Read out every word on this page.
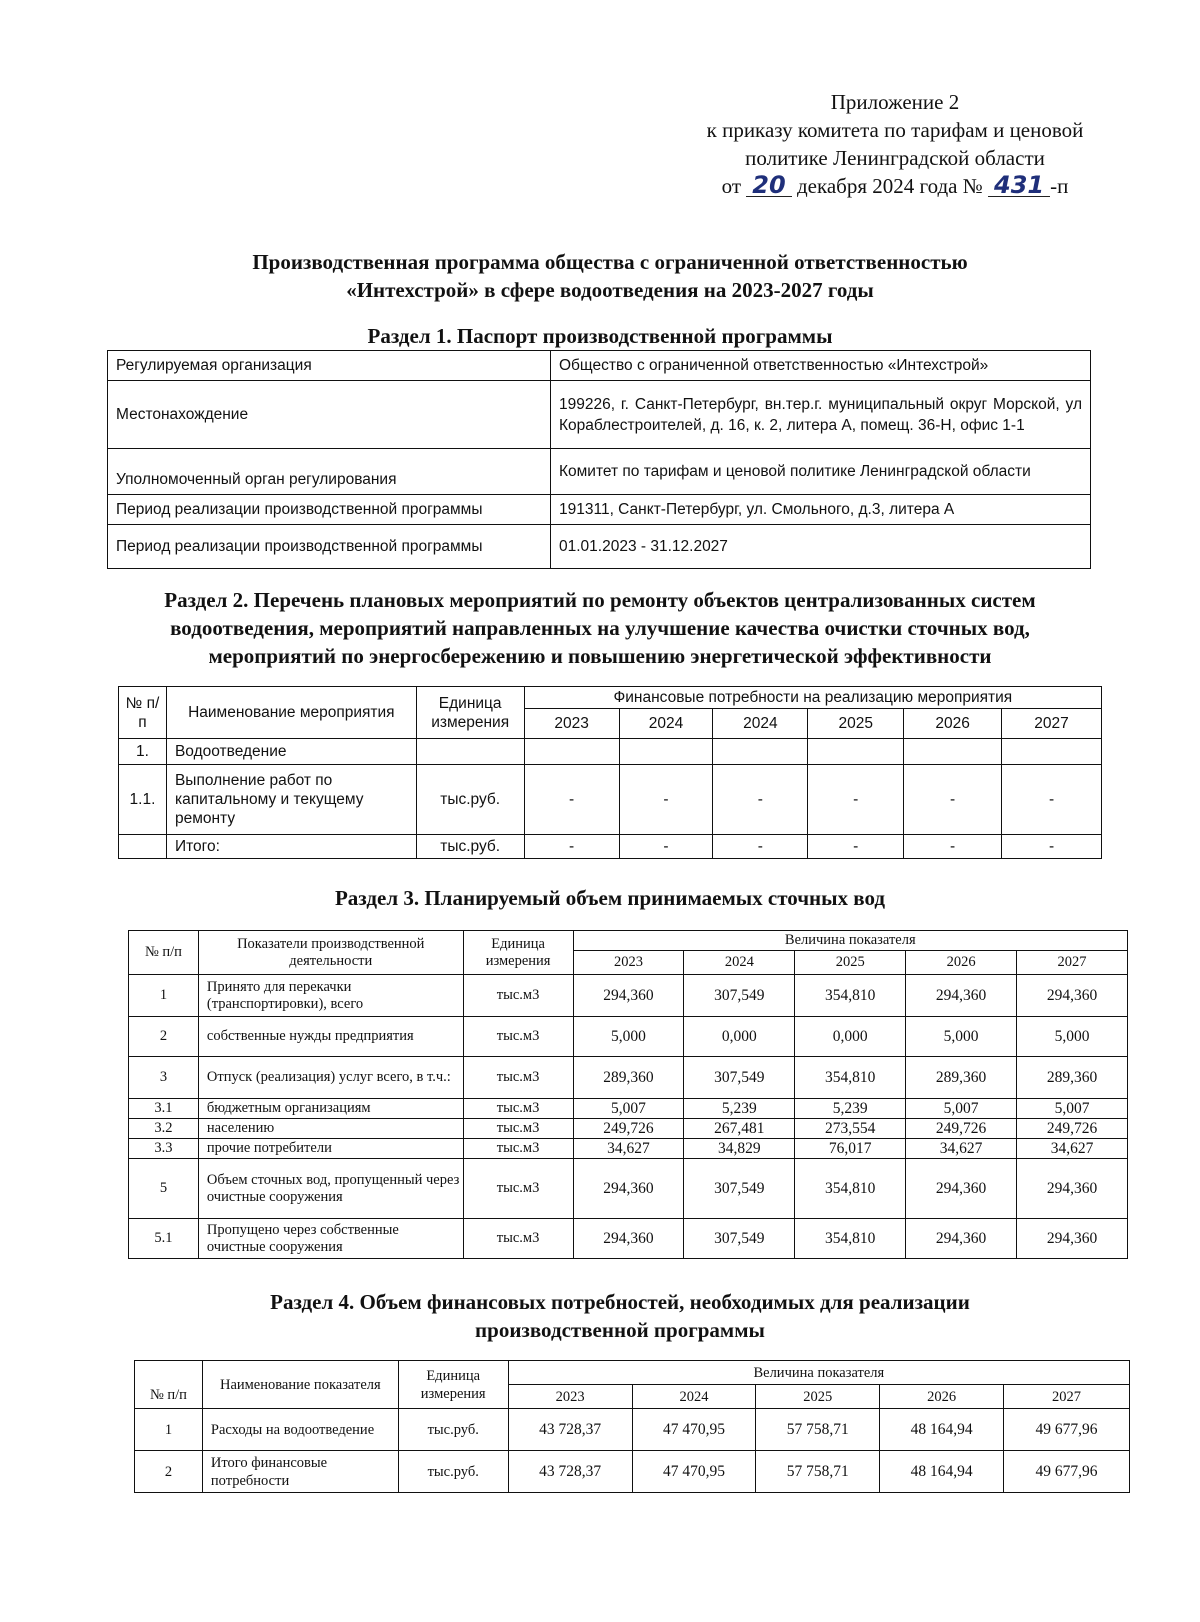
Приложение 2
к приказу комитета по тарифам и ценовой
политике Ленинградской области
от 20 декабря 2024 года № 431 -п
Производственная программа общества с ограниченной ответственностью
«Интехстрой» в сфере водоотведения на 2023-2027 годы
Раздел 1. Паспорт производственной программы
Регулируемая организация	Общество с ограниченной ответственностью «Интехстрой»
Местонахождение	199226, г. Санкт-Петербург, вн.тер.г. муниципальный округ Морской, ул Кораблестроителей, д. 16, к. 2, литера А, помещ. 36-Н, офис 1-1
Уполномоченный орган регулирования	Комитет по тарифам и ценовой политике Ленинградской области
Период реализации производственной программы	191311, Санкт-Петербург, ул. Смольного, д.3, литера А
Период реализации производственной программы	01.01.2023 - 31.12.2027
Раздел 2. Перечень плановых мероприятий по ремонту объектов централизованных систем
водоотведения, мероприятий направленных на улучшение качества очистки сточных вод,
мероприятий по энергосбережению и повышению энергетической эффективности
№ п/п	Наименование мероприятия	Единица измерения	Финансовые потребности на реализацию мероприятия					
			2023	2024	2024	2025	2026	2027
1.	Водоотведение							
1.1.	Выполнение работ по капитальному и текущему ремонту	тыс.руб.	-	-	-	-	-	-
	Итого:	тыс.руб.	-	-	-	-	-	-
Раздел 3. Планируемый объем принимаемых сточных вод
№ п/п	Показатели производственной деятельности	Единица измерения	Величина показателя				
			2023	2024	2025	2026	2027
1	Принято для перекачки (транспортировки), всего	тыс.м3	294,360	307,549	354,810	294,360	294,360
2	собственные нужды предприятия	тыс.м3	5,000	0,000	0,000	5,000	5,000
3	Отпуск (реализация) услуг всего, в т.ч.:	тыс.м3	289,360	307,549	354,810	289,360	289,360
3.1	бюджетным организациям	тыс.м3	5,007	5,239	5,239	5,007	5,007
3.2	населению	тыс.м3	249,726	267,481	273,554	249,726	249,726
3.3	прочие потребители	тыс.м3	34,627	34,829	76,017	34,627	34,627
5	Объем сточных вод, пропущенный через очистные сооружения	тыс.м3	294,360	307,549	354,810	294,360	294,360
5.1	Пропущено через собственные очистные сооружения	тыс.м3	294,360	307,549	354,810	294,360	294,360
Раздел 4. Объем финансовых потребностей, необходимых для реализации
производственной программы
№ п/п	Наименование показателя	Единица измерения	Величина показателя				
			2023	2024	2025	2026	2027
1	Расходы на водоотведение	тыс.руб.	43 728,37	47 470,95	57 758,71	48 164,94	49 677,96
2	Итого финансовые потребности	тыс.руб.	43 728,37	47 470,95	57 758,71	48 164,94	49 677,96
